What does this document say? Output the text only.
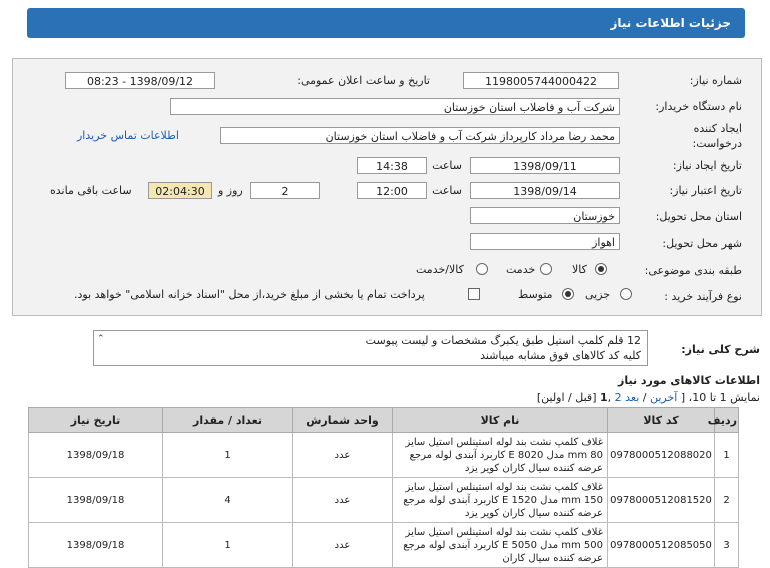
جزئیات اطلاعات نیاز
شماره نیاز:
1198005744000422
تاریخ و ساعت اعلان عمومی:
1398/09/12 - 08:23
نام دستگاه خریدار:
شرکت آب و فاضلاب استان خوزستان
ایجاد کننده
درخواست:
محمد رضا مرداد کارپرداز شرکت آب و فاضلاب استان خوزستان
اطلاعات تماس خریدار
تاریخ ایجاد نیاز:
1398/09/11
ساعت
14:38
تاریخ اعتبار نیاز:
1398/09/14
ساعت
12:00
2
روز و
02:04:30
ساعت باقی مانده
استان محل تحویل:
خوزستان
شهر محل تحویل:
اهواز
طبقه بندی موضوعی:
کالا
خدمت
کالا/خدمت
نوع فرآیند خرید :
جزیی
متوسط
پرداخت تمام یا بخشی از مبلغ خرید،از محل "اسناد خزانه اسلامی" خواهد بود.
شرح کلی نیاز:
⌃	12 قلم کلمپ استیل طبق یکبرگ مشخصات و لیست پیوست
کلیه کد کالاهای فوق مشابه میباشند
اطلاعات کالاهای مورد نیاز
نمایش 1 تا 10، [ آخرین / بعد 2 ,1 [قبل / اولین]
ردیف	کد کالا	نام کالا	واحد شمارش	تعداد / مقدار	تاریخ نیاز
1	0978000512088020	غلاف کلمپ نشت بند لوله استینلس استیل سایز 80 mm مدل E 8020 کاربرد آبندی لوله مرجع عرضه کننده سیال کاران کویر یزد	عدد	1	1398/09/18
2	0978000512081520	غلاف کلمپ نشت بند لوله استینلس استیل سایز 150 mm مدل E 1520 کاربرد آبندی لوله مرجع عرضه کننده سیال کاران کویر یزد	عدد	4	1398/09/18
3	0978000512085050	غلاف کلمپ نشت بند لوله استینلس استیل سایز 500 mm مدل E 5050 کاربرد آبندی لوله مرجع عرضه کننده سیال کاران	عدد	1	1398/09/18
